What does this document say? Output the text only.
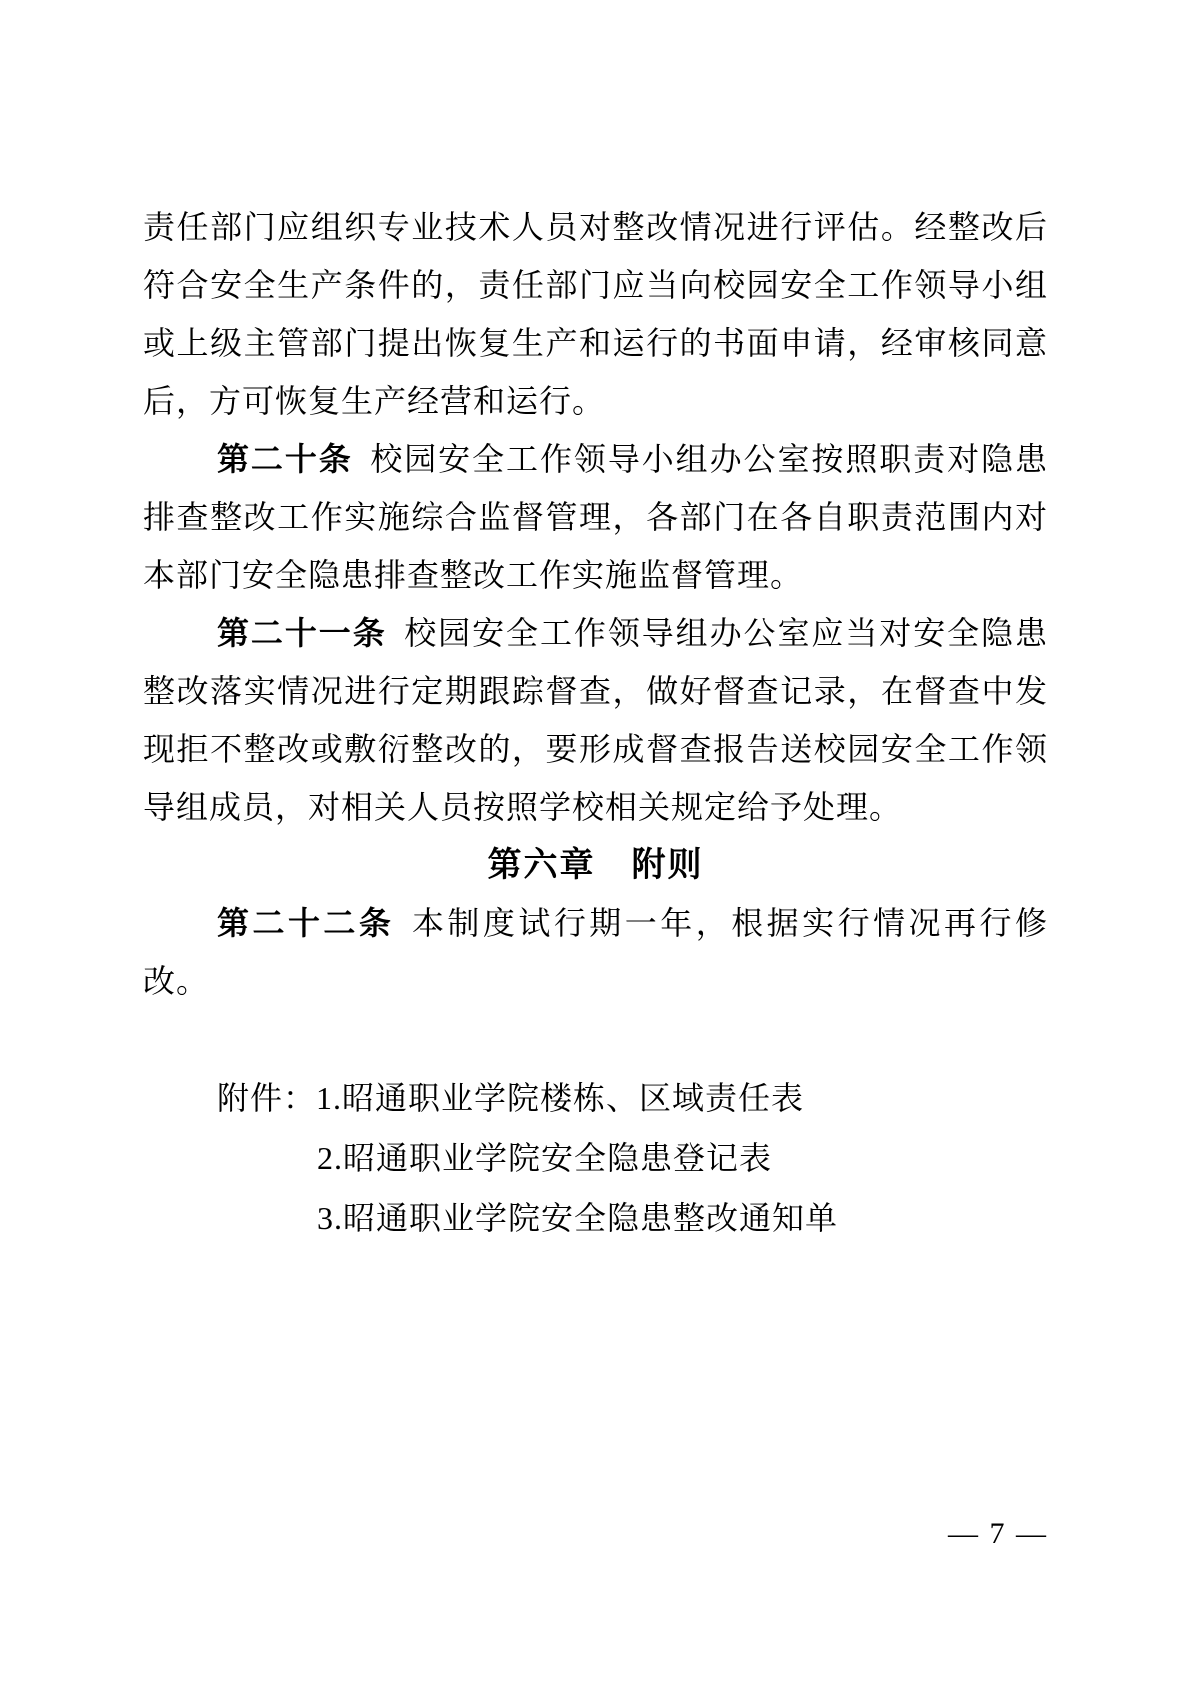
责任部门应组织专业技术人员对整改情况进行评估。经整改后符合安全生产条件的，责任部门应当向校园安全工作领导小组或上级主管部门提出恢复生产和运行的书面申请，经审核同意后，方可恢复生产经营和运行。

第二十条 校园安全工作领导小组办公室按照职责对隐患排查整改工作实施综合监督管理，各部门在各自职责范围内对本部门安全隐患排查整改工作实施监督管理。

第二十一条 校园安全工作领导组办公室应当对安全隐患整改落实情况进行定期跟踪督查，做好督查记录，在督查中发现拒不整改或敷衍整改的，要形成督查报告送校园安全工作领导组成员，对相关人员按照学校相关规定给予处理。

第六章　附则

第二十二条 本制度试行期一年，根据实行情况再行修改。

附件：1.昭通职业学院楼栋、区域责任表

2.昭通职业学院安全隐患登记表

3.昭通职业学院安全隐患整改通知单

— 7 —
